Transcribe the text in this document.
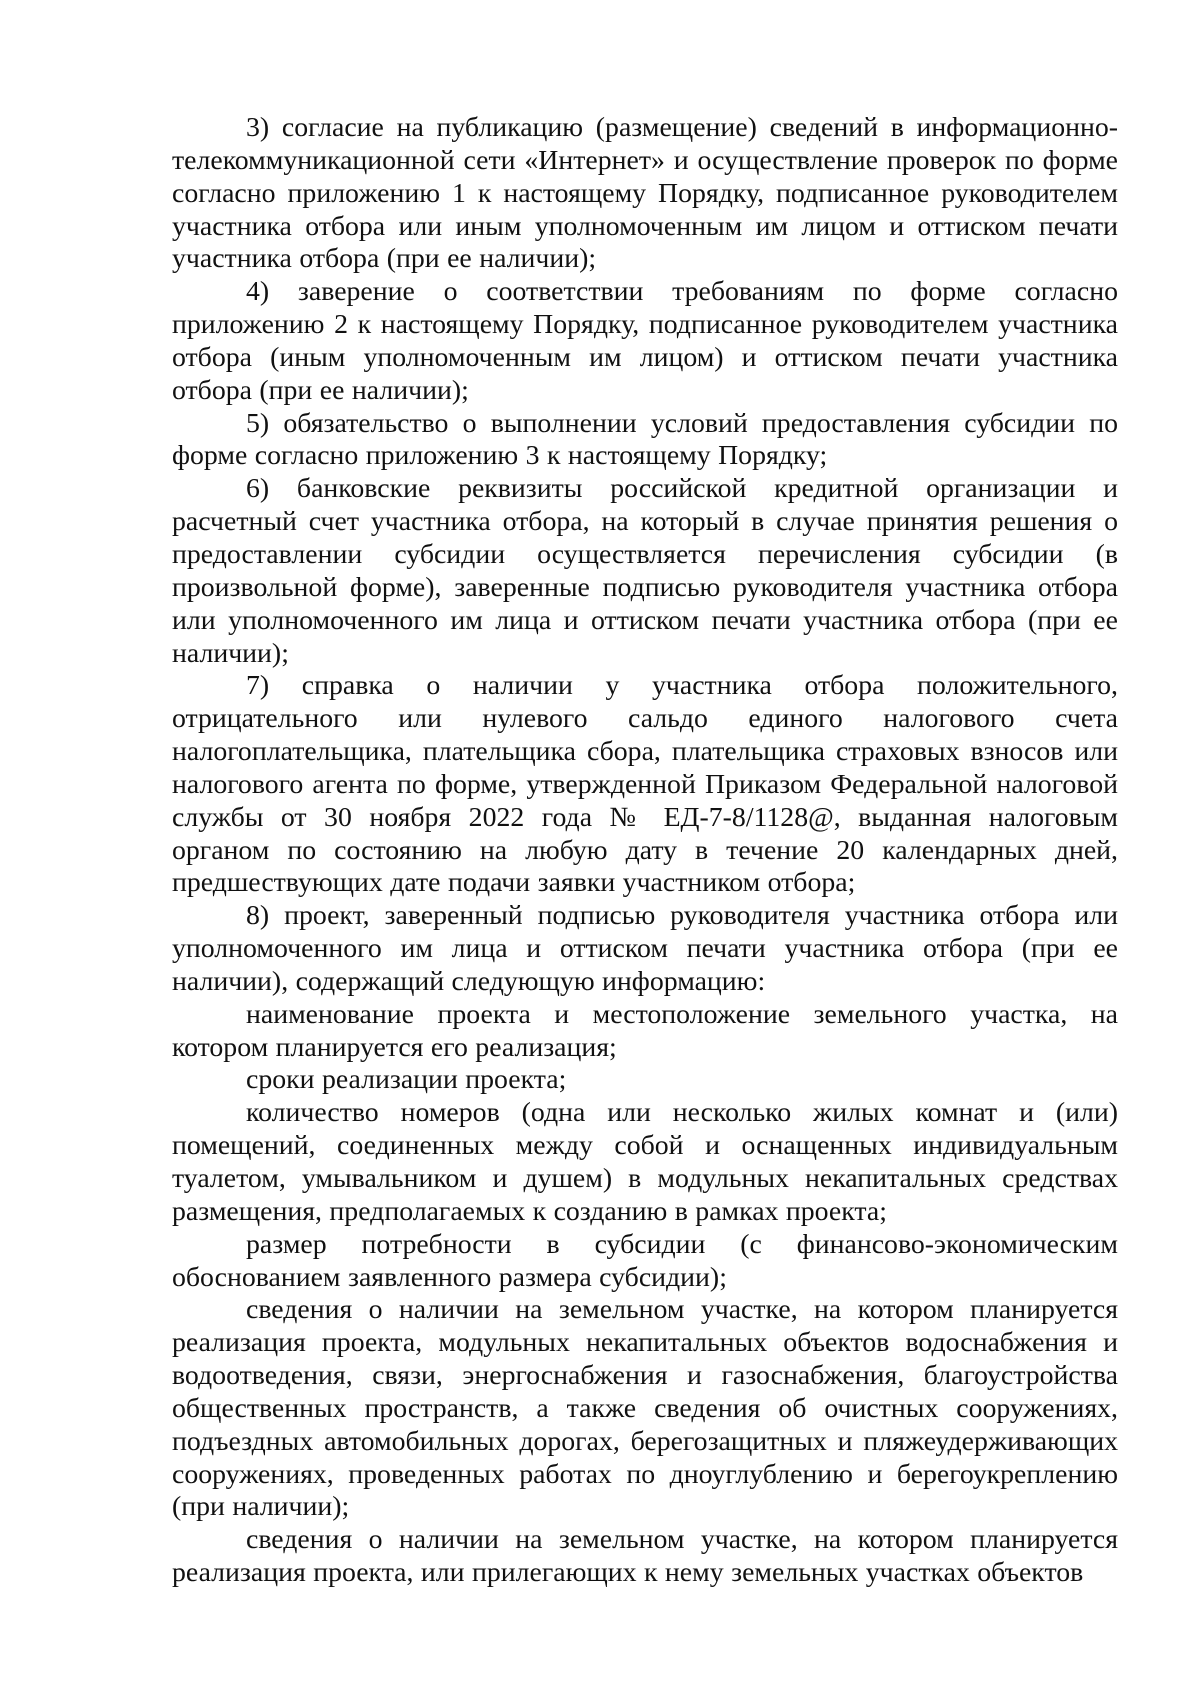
3) согласие на публикацию (размещение) сведений в информационно-телекоммуникационной сети «Интернет» и осуществление проверок по форме согласно приложению 1 к настоящему Порядку, подписанное руководителем участника отбора или иным уполномоченным им лицом и оттиском печати участника отбора (при ее наличии);

4) заверение о соответствии требованиям по форме согласно приложению 2 к настоящему Порядку, подписанное руководителем участника отбора (иным уполномоченным им лицом) и оттиском печати участника отбора (при ее наличии);

5) обязательство о выполнении условий предоставления субсидии по форме согласно приложению 3 к настоящему Порядку;

6) банковские реквизиты российской кредитной организации и расчетный счет участника отбора, на который в случае принятия решения о предоставлении субсидии осуществляется перечисления субсидии (в произвольной форме), заверенные подписью руководителя участника отбора или уполномоченного им лица и оттиском печати участника отбора (при ее наличии);

7) справка о наличии у участника отбора положительного, отрицательного или нулевого сальдо единого налогового счета налогоплательщика, плательщика сбора, плательщика страховых взносов или налогового агента по форме, утвержденной Приказом Федеральной налоговой службы от 30 ноября 2022 года № ЕД-7-8/1128@, выданная налоговым органом по состоянию на любую дату в течение 20 календарных дней, предшествующих дате подачи заявки участником отбора;

8) проект, заверенный подписью руководителя участника отбора или уполномоченного им лица и оттиском печати участника отбора (при ее наличии), содержащий следующую информацию:

наименование проекта и местоположение земельного участка, на котором планируется его реализация;

сроки реализации проекта;

количество номеров (одна или несколько жилых комнат и (или) помещений, соединенных между собой и оснащенных индивидуальным туалетом, умывальником и душем) в модульных некапитальных средствах размещения, предполагаемых к созданию в рамках проекта;

размер потребности в субсидии (с финансово-экономическим обоснованием заявленного размера субсидии);

сведения о наличии на земельном участке, на котором планируется реализация проекта, модульных некапитальных объектов водоснабжения и водоотведения, связи, энергоснабжения и газоснабжения, благоустройства общественных пространств, а также сведения об очистных сооружениях, подъездных автомобильных дорогах, берегозащитных и пляжеудерживающих сооружениях, проведенных работах по дноуглублению и берегоукреплению (при наличии);

сведения о наличии на земельном участке, на котором планируется реализация проекта, или прилегающих к нему земельных участках объектов
